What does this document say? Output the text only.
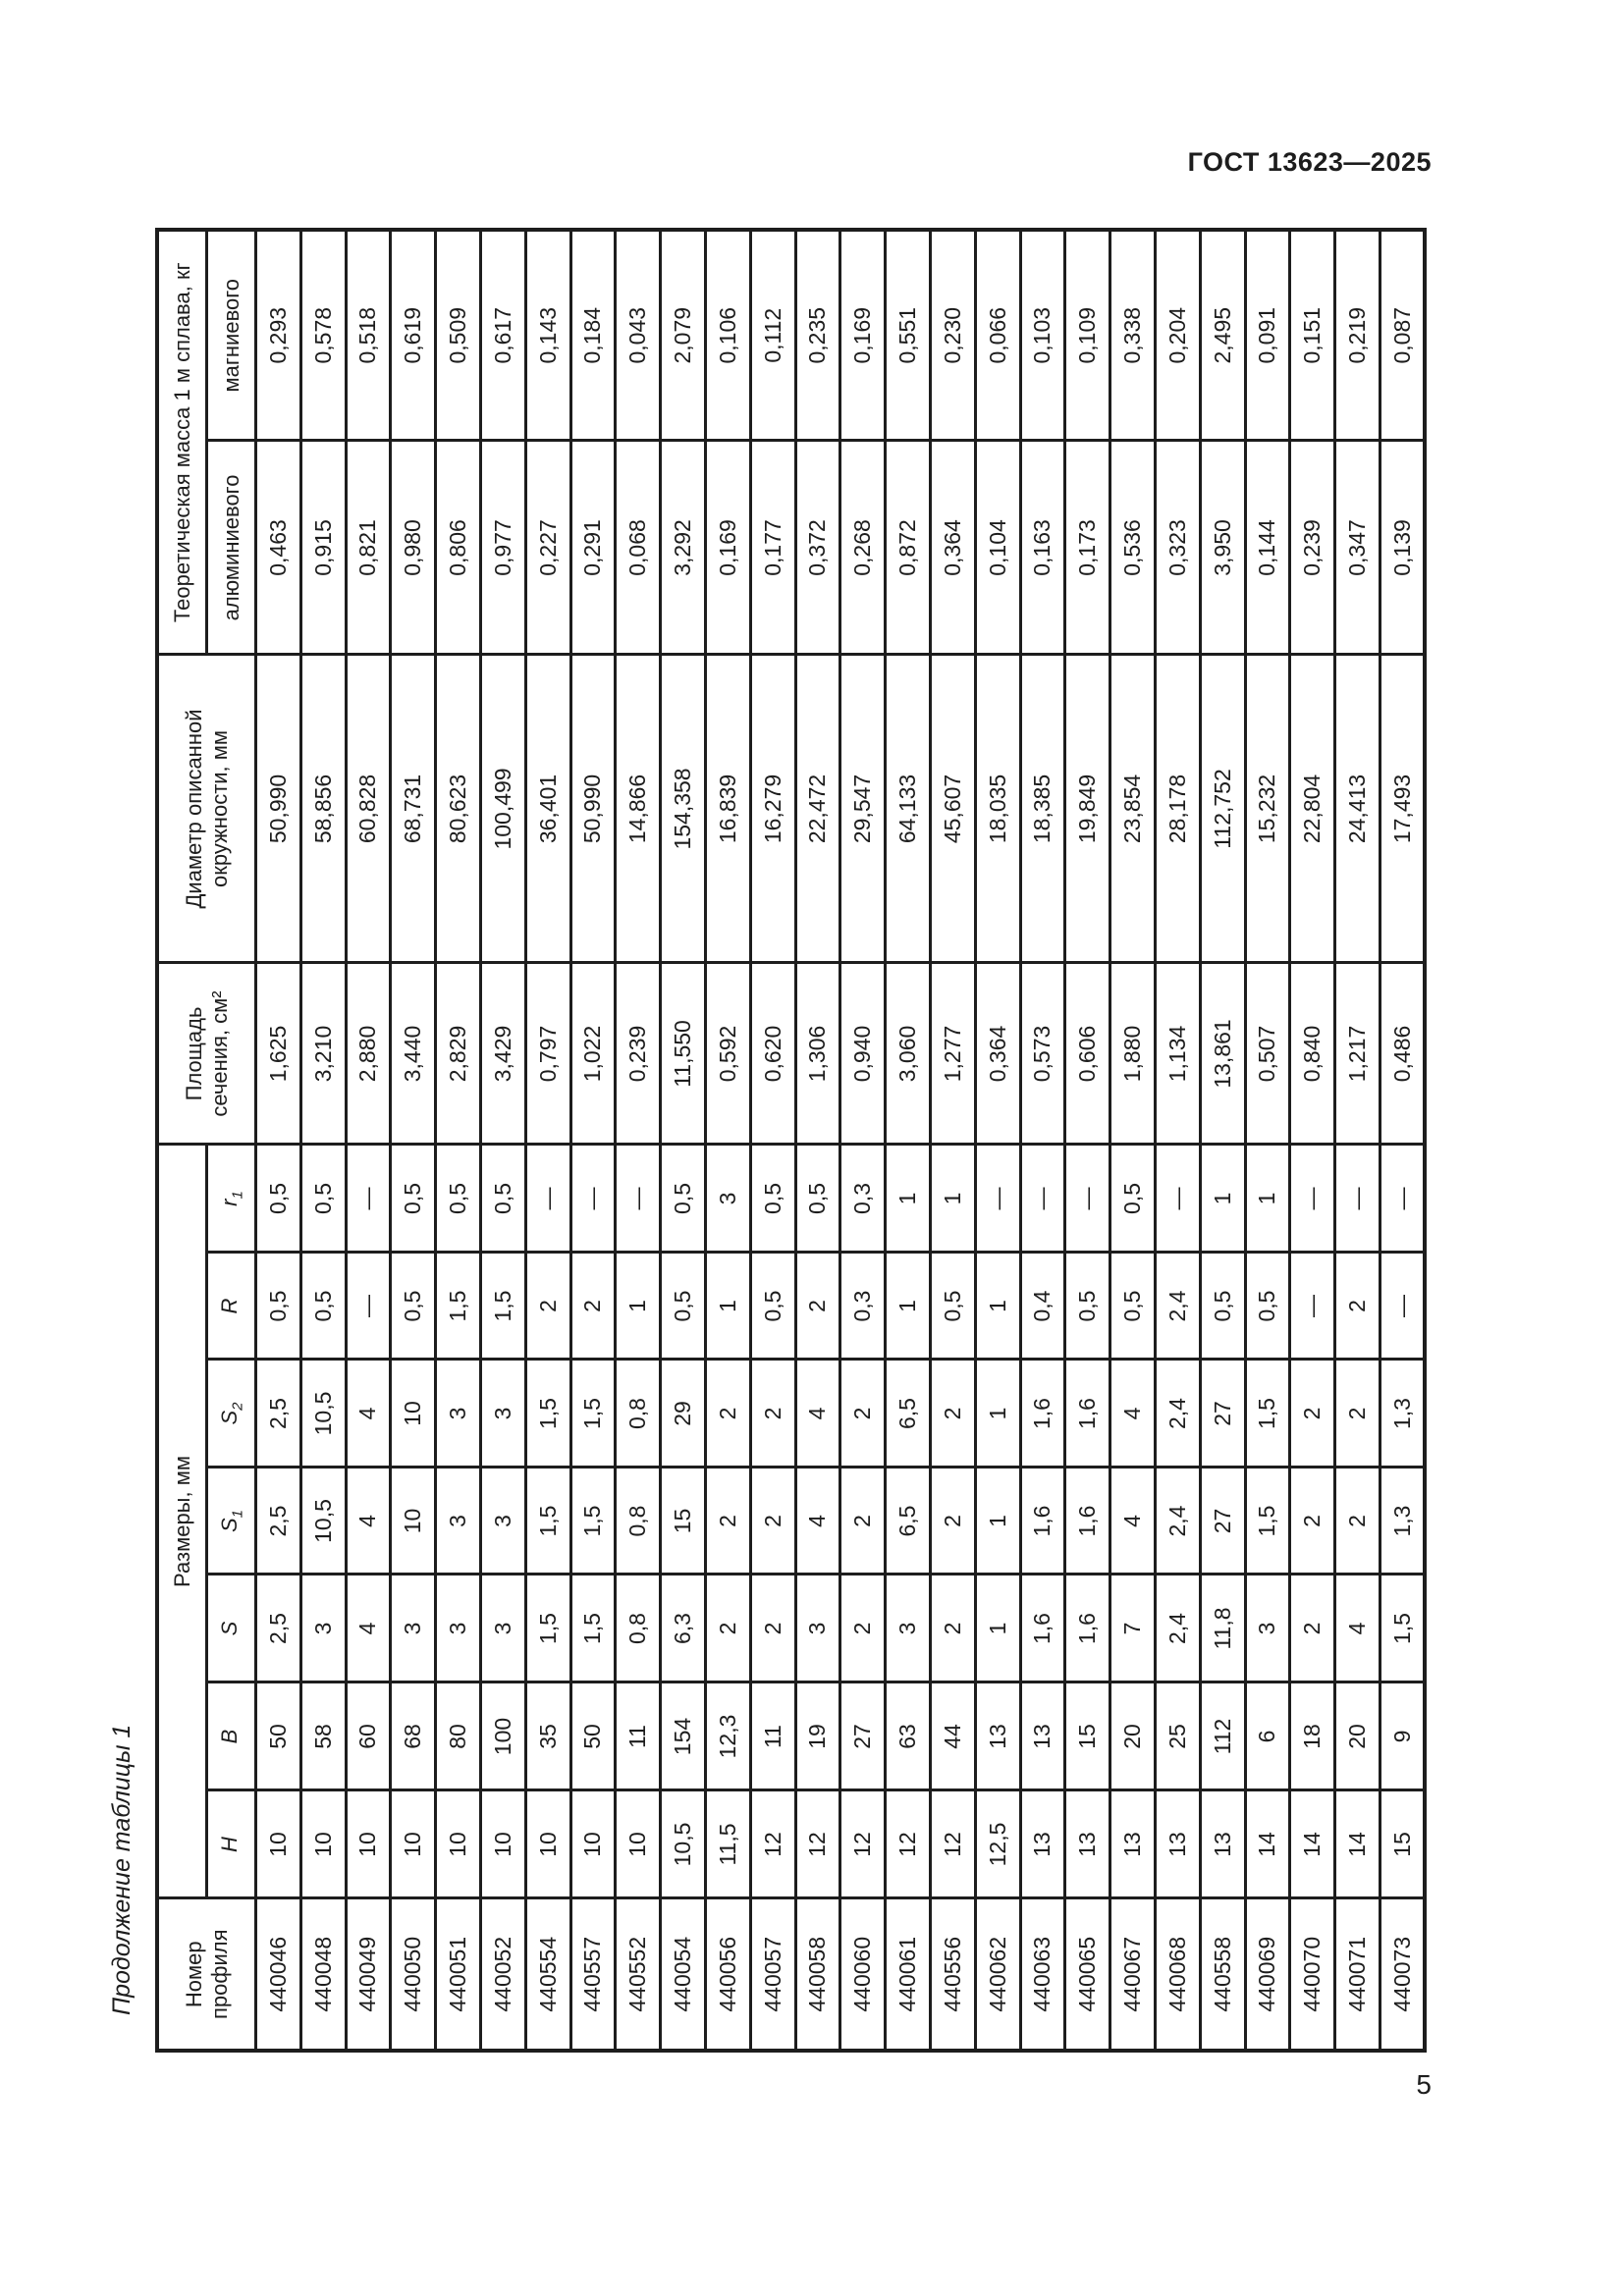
ГОСТ 13623—2025
Продолжение таблицы 1 Номер профиля	Размеры, мм							Площадь сечения, см²	Диаметр описанной окружности, мм	Теоретическая масса 1 м сплава, кг	
	H	B	S	$S_1$	$S_2$	R	$r_1$			алюминиевого	магниевого
440046	10	50	2,5	2,5	2,5	0,5	0,5	1,625	50,990	0,463	0,293
440048	10	58	3	10,5	10,5	0,5	0,5	3,210	58,856	0,915	0,578
440049	10	60	4	4	4	—	—	2,880	60,828	0,821	0,518
440050	10	68	3	10	10	0,5	0,5	3,440	68,731	0,980	0,619
440051	10	80	3	3	3	1,5	0,5	2,829	80,623	0,806	0,509
440052	10	100	3	3	3	1,5	0,5	3,429	100,499	0,977	0,617
440554	10	35	1,5	1,5	1,5	2	—	0,797	36,401	0,227	0,143
440557	10	50	1,5	1,5	1,5	2	—	1,022	50,990	0,291	0,184
440552	10	11	0,8	0,8	0,8	1	—	0,239	14,866	0,068	0,043
440054	10,5	154	6,3	15	29	0,5	0,5	11,550	154,358	3,292	2,079
440056	11,5	12,3	2	2	2	1	3	0,592	16,839	0,169	0,106
440057	12	11	2	2	2	0,5	0,5	0,620	16,279	0,177	0,112
440058	12	19	3	4	4	2	0,5	1,306	22,472	0,372	0,235
440060	12	27	2	2	2	0,3	0,3	0,940	29,547	0,268	0,169
440061	12	63	3	6,5	6,5	1	1	3,060	64,133	0,872	0,551
440556	12	44	2	2	2	0,5	1	1,277	45,607	0,364	0,230
440062	12,5	13	1	1	1	1	—	0,364	18,035	0,104	0,066
440063	13	13	1,6	1,6	1,6	0,4	—	0,573	18,385	0,163	0,103
440065	13	15	1,6	1,6	1,6	0,5	—	0,606	19,849	0,173	0,109
440067	13	20	7	4	4	0,5	0,5	1,880	23,854	0,536	0,338
440068	13	25	2,4	2,4	2,4	2,4	—	1,134	28,178	0,323	0,204
440558	13	112	11,8	27	27	0,5	1	13,861	112,752	3,950	2,495
440069	14	6	3	1,5	1,5	0,5	1	0,507	15,232	0,144	0,091
440070	14	18	2	2	2	—	—	0,840	22,804	0,239	0,151
440071	14	20	4	2	2	2	—	1,217	24,413	0,347	0,219
440073	15	9	1,5	1,3	1,3	—	—	0,486	17,493	0,139	0,087
5
